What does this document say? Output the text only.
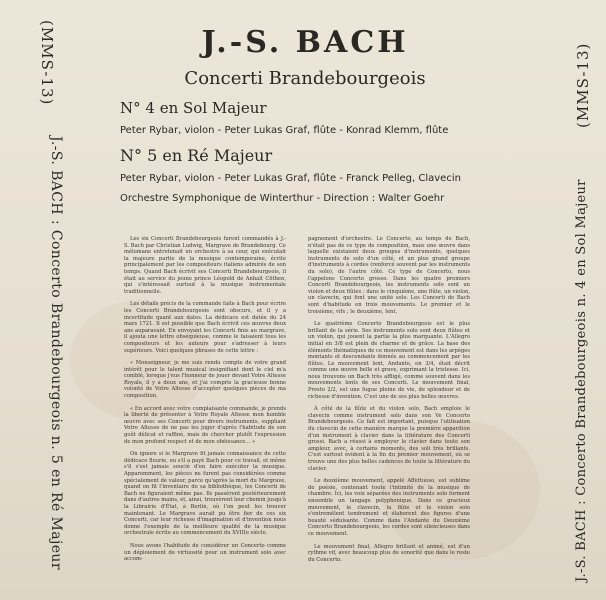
(MMS-13)
J.-S. BACH : Concerto Brandebourgeois n. 5 en Ré Majeur
(MMS-13)
J.-S. BACH : Concerto Brandebourgeois n. 4 en Sol Majeur
J.-S. BACH
Concerti Brandebourgeois
N° 4 en Sol Majeur
Peter Rybar, violon - Peter Lukas Graf, flûte - Konrad Klemm, flûte
N° 5 en Ré Majeur
Peter Rybar, violon - Peter Lukas Graf, flûte - Franck Pelleg, Clavecin
Orchestre Symphonique de Winterthur - Direction : Walter Goehr

Les six Concerti Brandebourgeois furent commandés à J.-S. Bach par Christian Ludwig, Margrave de Brandebourg. Ce mélomane entretenait un orchestre à sa cour, qui exécutait la majeure partie de la musique contemporaine, écrite principalement par les compositeurs italiens admirés de son temps. Quand Bach écrivit ses Concerti Brandebourgeois, il était au service du jeune prince Léopold de Anhalt Cöthen, qui s'intéressait surtout à la musique instrumentale traditionnelle.

Les détails précis de la commande faite à Bach pour écrire les Concerti Brandebourgeois sont obscurs, et il y a incertitude quant aux dates. La dédicace est datée du 24 mars 1721. Il est possible que Bach écrivit ces œuvres deux ans auparavant. En envoyant les Concerti finis au margrave, il ajouta une lettre obséquieuse, comme le faisaient tous les compositeurs et les auteurs pour s'adresser à leurs supérieurs. Voici quelques phrases de cette lettre :

« Monseigneur, je me suis rendu compte de votre grand intérêt pour le talent musical insignifiant dont le ciel m'a comblé, lorsque j'eus l'honneur de jouer devant Votre Altesse Royale, il y a deux ans, et j'ai compris la gracieuse bonne volonté de Votre Altesse d'accepter quelques pièces de ma composition.

« En accord avec votre complaisante commande, je prends la liberté de présenter à Votre Royale Altesse mon humble œuvre avec ses Concerti pour divers instruments, suppliant Votre Altesse de ne pas les juger d'après l'habitude de son goût délicat et raffiné, mais de chercher plutôt l'expression de mon profond respect et de mon obéissance... »

On ignore si le Margrave fit jamais connaissance de cette dédicace fleurie, ou s'il a payé Bach pour ce travail, et même s'il s'est jamais soucié d'en faire exécuter la musique. Apparemment, les pièces ne furent pas considérées comme spécialement de valeur, parce qu'après la mort du Margrave, quand on fit l'inventaire de sa bibliothèque, les Concerti de Bach ne figuraient même pas. Ils passèrent postérieurement dans d'autres mains, et, ainsi, trouvèrent leur chemin jusqu'à la Librairie d'État, à Berlin, où l'on peut les trouver maintenant. Le Margrave aurait pu être fier de ces six Concerti, car leur richesse d'imagination et d'invention nous donne l'exemple de la meilleure qualité de la musique orchestrale écrite au commencement du XVIIIe siècle.

Nous avons l'habitude de considérer un Concerto comme un déploiement de virtuosité pour un instrument solo avec accom-

pagnement d'orchestre. Le Concerto, au temps de Bach, n'était pas de ce type de composition, mais une œuvre dans laquelle existaient deux groupes d'instruments, quelques instruments de solo d'un côté, et un plus grand groupe d'instruments à cordes (renforcé souvent par les instruments du solo), de l'autre côté. Ce type de Concerto, nous l'appelons Concerto grosso. Dans les quatre premiers Concerti Brandebourgeois, les instruments solo sont un violon et deux flûtes ; dans le cinquième, une flûte, un violon, un clavecin, qui font une unité solo. Les Concerti de Bach sont d'habitude en trois mouvements. Le premier et le troisième, vifs ; le deuxième, lent.

Le quatrième Concerto Brandebourgeois est le plus brillant de la série. Ses instruments solo sont deux flûtes et un violon, qui jouent la partie la plus marquante. L'Allegro initial en 3/8 est plein de charme et de grâce. La base des éléments thématiques de ce mouvement est dans les arpèges montants et descendants donnés au commencement par les flûtes. Le mouvement lent, Andante, en 3/4, était décrit comme une œuvre belle et grave, exprimant la tristesse. Ici, nous trouvons un Bach très affligé, comme souvent dans les mouvements lents de ses Concerti. Le mouvement final, Presto 2/2, est une fugue pleine de vie, de splendeur et de richesse d'invention. C'est une de ses plus belles œuvres.

À côté de la flûte et du violon solo, Bach emploie le clavecin comme instrument solo dans son Ve Concerto Brandebourgeois. Ce fait est important, puisque l'utilisation du clavecin de cette manière marque la première apparition d'un instrument à clavier dans la littérature des Concerti grossi. Bach a réussi à employer le clavier dans toute son ampleur, avec, à certains moments, des soli très brillants. C'est surtout évident à la fin du premier mouvement, où se trouve une des plus belles cadences de toute la littérature du clavier.

Le deuxième mouvement, appelé Affettuoso, est sublime de poésie, contenant toute l'intimité de la musique de chambre. Ici, les voix séparées des instruments solo forment ensemble un langage polyphonique. Dans ce gracieux mouvement, le clavecin, la flûte et le violon solo s'entremêlent tendrement et élaborent des figures d'une beauté séduisante. Comme dans l'Andante du Deuxième Concerto Brandebourgeois, les cordes sont silencieuses dans ce mouvement.

Le mouvement final, Allegro brillant et animé, est d'un rythme vif, avec beaucoup plus de sonorité que dans le reste du Concerto.
